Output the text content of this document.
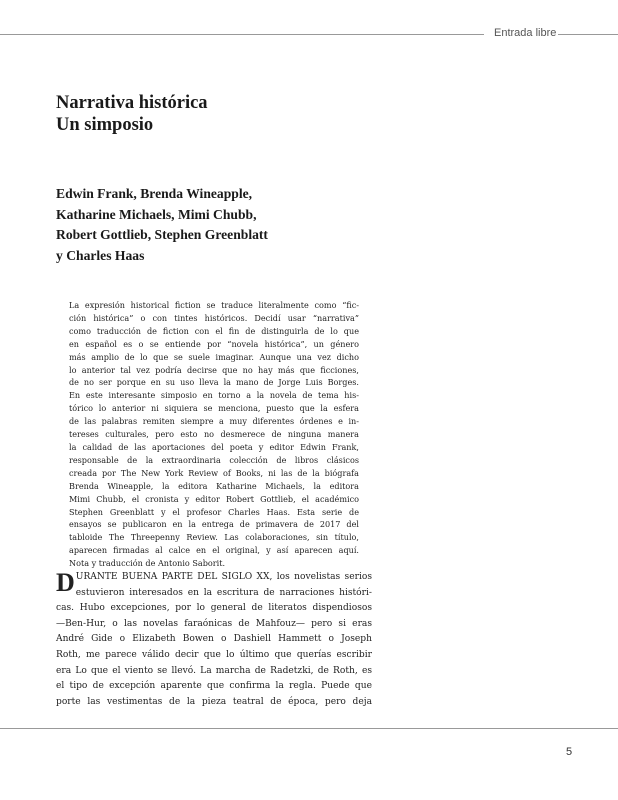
Entrada libre
Narrativa histórica
Un simposio
Edwin Frank, Brenda Wineapple,
Katharine Michaels, Mimi Chubb,
Robert Gottlieb, Stephen Greenblatt
y Charles Haas
La expresión historical fiction se traduce literalmente como “fic-
ción histórica” o con tintes históricos. Decidí usar “narrativa”
como traducción de fiction con el fin de distinguirla de lo que
en español es o se entiende por “novela histórica”, un género
más amplio de lo que se suele imaginar. Aunque una vez dicho
lo anterior tal vez podría decirse que no hay más que ficciones,
de no ser porque en su uso lleva la mano de Jorge Luis Borges.
En este interesante simposio en torno a la novela de tema his-
tórico lo anterior ni siquiera se menciona, puesto que la esfera
de las palabras remiten siempre a muy diferentes órdenes e in-
tereses culturales, pero esto no desmerece de ninguna manera
la calidad de las aportaciones del poeta y editor Edwin Frank,
responsable de la extraordinaria colección de libros clásicos
creada por The New York Review of Books, ni las de la biógrafa
Brenda Wineapple, la editora Katharine Michaels, la editora
Mimi Chubb, el cronista y editor Robert Gottlieb, el académico
Stephen Greenblatt y el profesor Charles Haas. Esta serie de
ensayos se publicaron en la entrega de primavera de 2017 del
tabloide The Threepenny Review. Las colaboraciones, sin título,
aparecen firmadas al calce en el original, y así aparecen aquí.
Nota y traducción de Antonio Saborit.
D URANTE BUENA PARTE DEL SIGLO XX, los novelistas serios
estuvieron interesados en la escritura de narraciones históri-
cas. Hubo excepciones, por lo general de literatos dispendiosos
—Ben-Hur, o las novelas faraónicas de Mahfouz— pero si eras
André Gide o Elizabeth Bowen o Dashiell Hammett o Joseph
Roth, me parece válido decir que lo último que querías escribir
era Lo que el viento se llevó. La marcha de Radetzki, de Roth, es
el tipo de excepción aparente que confirma la regla. Puede que
porte las vestimentas de la pieza teatral de época, pero deja
5
